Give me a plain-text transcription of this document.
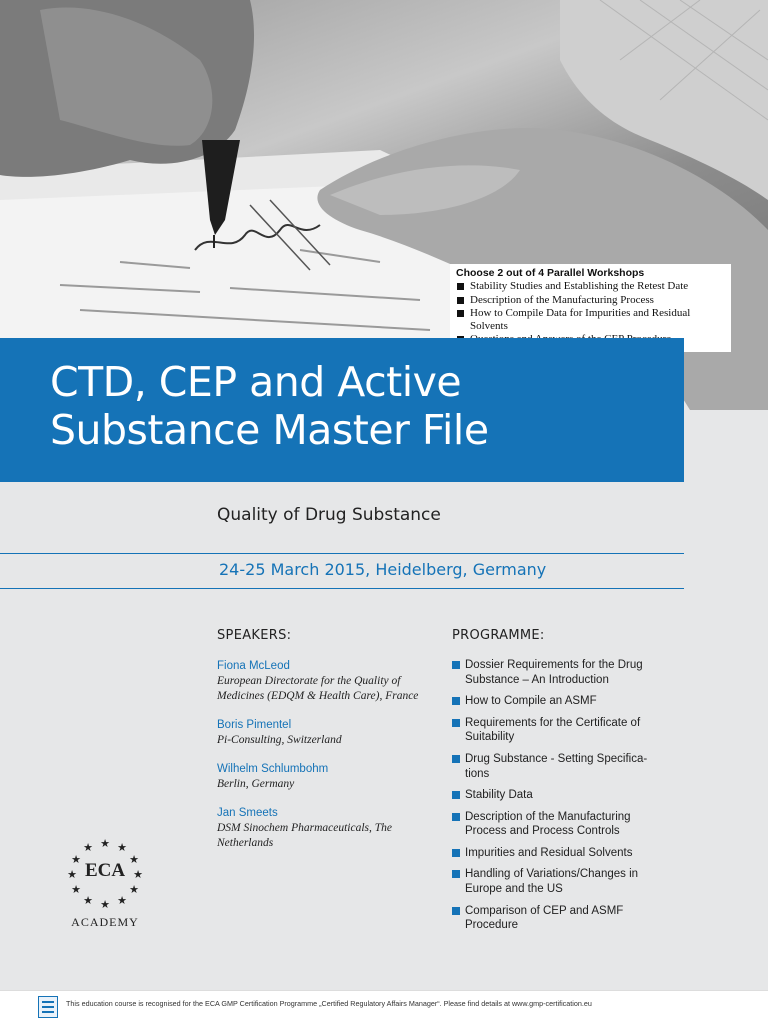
Choose 2 out of 4 Parallel Workshops
Stability Studies and Establishing the Retest Date
Description of the Manufacturing Process
How to Compile Data for Impurities and Residual Solvents
CTD, CEP and Active
Substance Master File
Quality of Drug Substance
24-25 March 2015, Heidelberg, Germany
SPEAKERS:
Fiona McLeod
European Directorate for the Quality of Medicines (EDQM & Health Care), France
Boris Pimentel
Pi-Consulting, Switzerland
Wilhelm Schlumbohm
Berlin, Germany
Jan Smeets
DSM Sinochem Pharmaceuticals, The Netherlands
PROGRAMME:
Dossier Requirements for the Drug Substance – An Introduction
How to Compile an ASMF
Requirements for the Certificate of Suitability
Drug Substance - Setting Specifica-tions
Stability Data
Description of the Manufacturing Process and Process Controls
Impurities and Residual Solvents
Handling of Variations/Changes in Europe and the US
Comparison of CEP and ASMF Procedure
★ ★
★
★
★
★
★
★
★
★
★
★
ECA
ACADEMY
This education course is recognised for the ECA GMP Certification Programme „Certified Regulatory Affairs Manager“. Please find details at www.gmp-certification.eu
